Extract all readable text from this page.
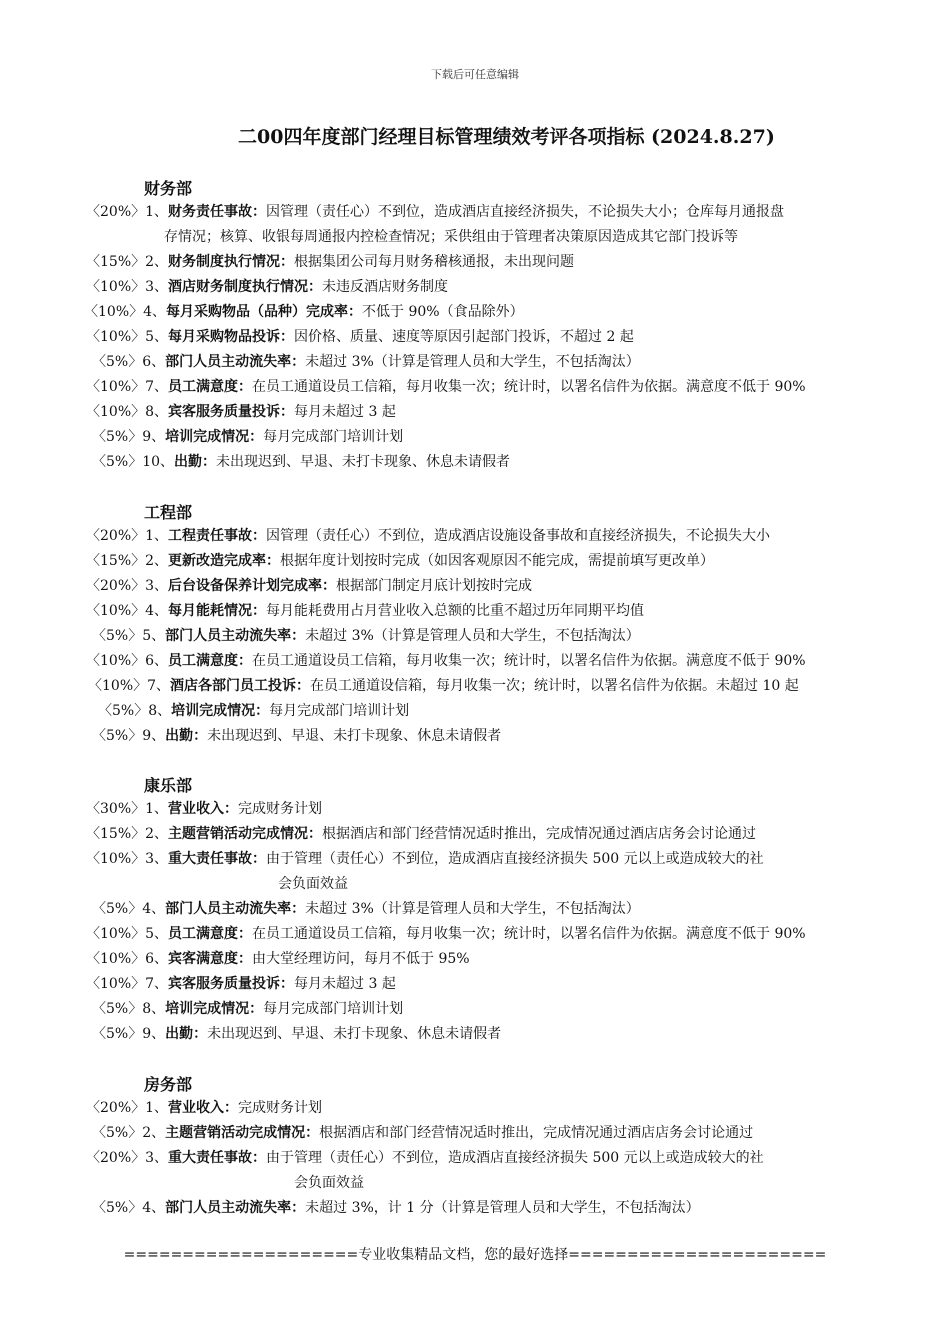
下载后可任意编辑
二00四年度部门经理目标管理绩效考评各项指标 (2024.8.27)
财务部
〈20%〉1、财务责任事故：因管理（责任心）不到位，造成酒店直接经济损失，不论损失大小；仓库每月通报盘
存情况；核算、收银每周通报内控检查情况；采供组由于管理者决策原因造成其它部门投诉等
〈15%〉2、财务制度执行情况：根据集团公司每月财务稽核通报，未出现问题
〈10%〉3、酒店财务制度执行情况：未违反酒店财务制度
〈10%〉4、每月采购物品（品种）完成率：不低于 90%（食品除外）
〈10%〉5、每月采购物品投诉：因价格、质量、速度等原因引起部门投诉，不超过 2 起
〈5%〉6、部门人员主动流失率：未超过 3%（计算是管理人员和大学生，不包括淘汰）
〈10%〉7、员工满意度：在员工通道设员工信箱，每月收集一次；统计时，以署名信件为依据。满意度不低于 90%
〈10%〉8、宾客服务质量投诉：每月未超过 3 起
〈5%〉9、培训完成情况：每月完成部门培训计划
〈5%〉10、出勤：未出现迟到、早退、未打卡现象、休息未请假者
工程部
〈20%〉1、工程责任事故：因管理（责任心）不到位，造成酒店设施设备事故和直接经济损失，不论损失大小
〈15%〉2、更新改造完成率：根据年度计划按时完成（如因客观原因不能完成，需提前填写更改单）
〈20%〉3、后台设备保养计划完成率：根据部门制定月底计划按时完成
〈10%〉4、每月能耗情况：每月能耗费用占月营业收入总额的比重不超过历年同期平均值
〈5%〉5、部门人员主动流失率：未超过 3%（计算是管理人员和大学生，不包括淘汰）
〈10%〉6、员工满意度：在员工通道设员工信箱，每月收集一次；统计时，以署名信件为依据。满意度不低于 90%
〈10%〉7、酒店各部门员工投诉：在员工通道设信箱，每月收集一次；统计时，以署名信件为依据。未超过 10 起
〈5%〉8、培训完成情况：每月完成部门培训计划
〈5%〉9、出勤：未出现迟到、早退、未打卡现象、休息未请假者
康乐部
〈30%〉1、营业收入：完成财务计划
〈15%〉2、主题营销活动完成情况：根据酒店和部门经营情况适时推出，完成情况通过酒店店务会讨论通过
〈10%〉3、重大责任事故：由于管理（责任心）不到位，造成酒店直接经济损失 500 元以上或造成较大的社
会负面效益
〈5%〉4、部门人员主动流失率：未超过 3%（计算是管理人员和大学生，不包括淘汰）
〈10%〉5、员工满意度：在员工通道设员工信箱，每月收集一次；统计时，以署名信件为依据。满意度不低于 90%
〈10%〉6、宾客满意度：由大堂经理访问，每月不低于 95%
〈10%〉7、宾客服务质量投诉：每月未超过 3 起
〈5%〉8、培训完成情况：每月完成部门培训计划
〈5%〉9、出勤：未出现迟到、早退、未打卡现象、休息未请假者
房务部
〈20%〉1、营业收入：完成财务计划
〈5%〉2、主题营销活动完成情况：根据酒店和部门经营情况适时推出，完成情况通过酒店店务会讨论通过
〈20%〉3、重大责任事故：由于管理（责任心）不到位，造成酒店直接经济损失 500 元以上或造成较大的社
会负面效益
〈5%〉4、部门人员主动流失率：未超过 3%，计 1 分（计算是管理人员和大学生，不包括淘汰）
====================专业收集精品文档，您的最好选择======================
